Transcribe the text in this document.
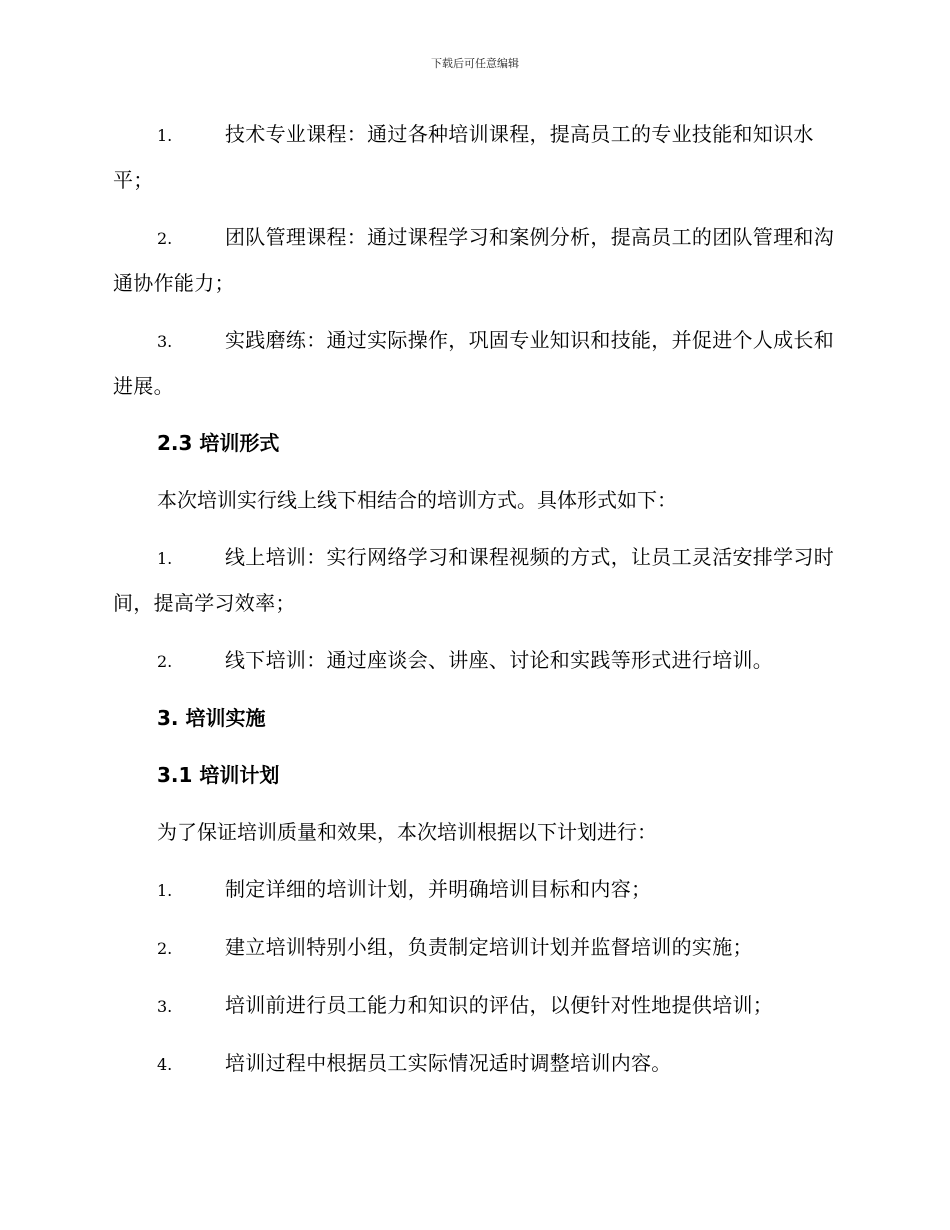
下载后可任意编辑
1.	技术专业课程：通过各种培训课程，提高员工的专业技能和知识水平；
2.	团队管理课程：通过课程学习和案例分析，提高员工的团队管理和沟通协作能力；
3.	实践磨练：通过实际操作，巩固专业知识和技能，并促进个人成长和进展。
2.3 培训形式
本次培训实行线上线下相结合的培训方式。具体形式如下：
1.	线上培训：实行网络学习和课程视频的方式，让员工灵活安排学习时间，提高学习效率；
2.	线下培训：通过座谈会、讲座、讨论和实践等形式进行培训。
3. 培训实施
3.1 培训计划
为了保证培训质量和效果，本次培训根据以下计划进行：
1.	制定详细的培训计划，并明确培训目标和内容；
2.	建立培训特别小组，负责制定培训计划并监督培训的实施；
3.	培训前进行员工能力和知识的评估，以便针对性地提供培训；
4.	培训过程中根据员工实际情况适时调整培训内容。
